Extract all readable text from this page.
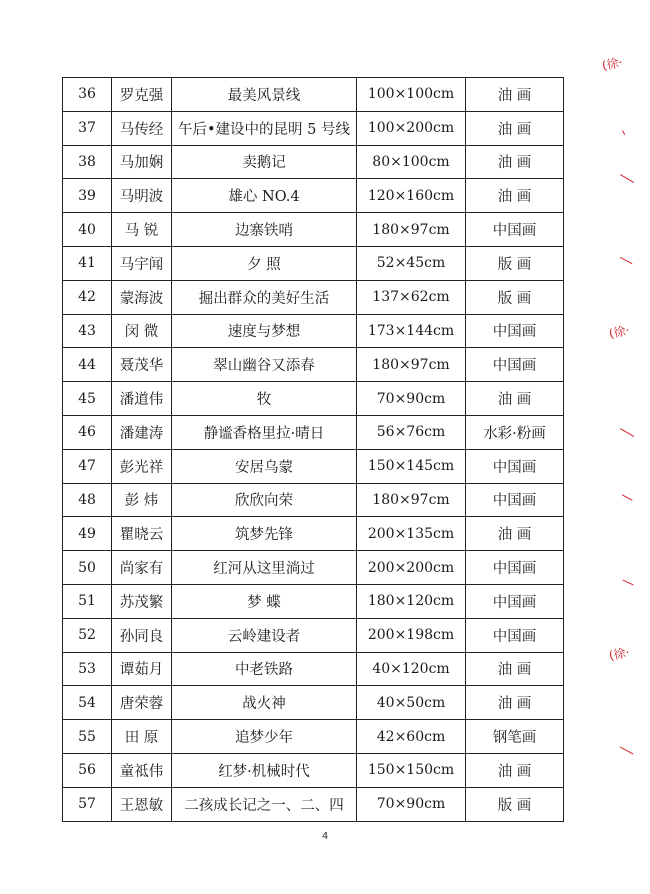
36	罗克强	最美风景线	100×100cm	油 画
37	马传经	午后•建设中的昆明 5 号线	100×200cm	油 画
38	马加娴	卖鹅记	80×100cm	油 画
39	马明波	雄心 NO.4	120×160cm	油 画
40	马 锐	边寨铁哨	180×97cm	中国画
41	马宇闻	夕 照	52×45cm	版 画
42	蒙海波	掘出群众的美好生活	137×62cm	版 画
43	闵 微	速度与梦想	173×144cm	中国画
44	聂茂华	翠山幽谷又添春	180×97cm	中国画
45	潘道伟	牧	70×90cm	油 画
46	潘建涛	静谧香格里拉·晴日	56×76cm	水彩·粉画
47	彭光祥	安居乌蒙	150×145cm	中国画
48	彭 炜	欣欣向荣	180×97cm	中国画
49	瞿晓云	筑梦先锋	200×135cm	油 画
50	尚家有	红河从这里淌过	200×200cm	中国画
51	苏茂繁	梦 蝶	180×120cm	中国画
52	孙同良	云岭建设者	200×198cm	中国画
53	谭茹月	中老铁路	40×120cm	油 画
54	唐荣蓉	战火神	40×50cm	油 画
55	田 原	追梦少年	42×60cm	钢笔画
56	童祗伟	红梦·机械时代	150×150cm	油 画
57	王恩敏	二孩成长记之一、二、四	70×90cm	版 画
4
(徐·
(徐·
(徐·
